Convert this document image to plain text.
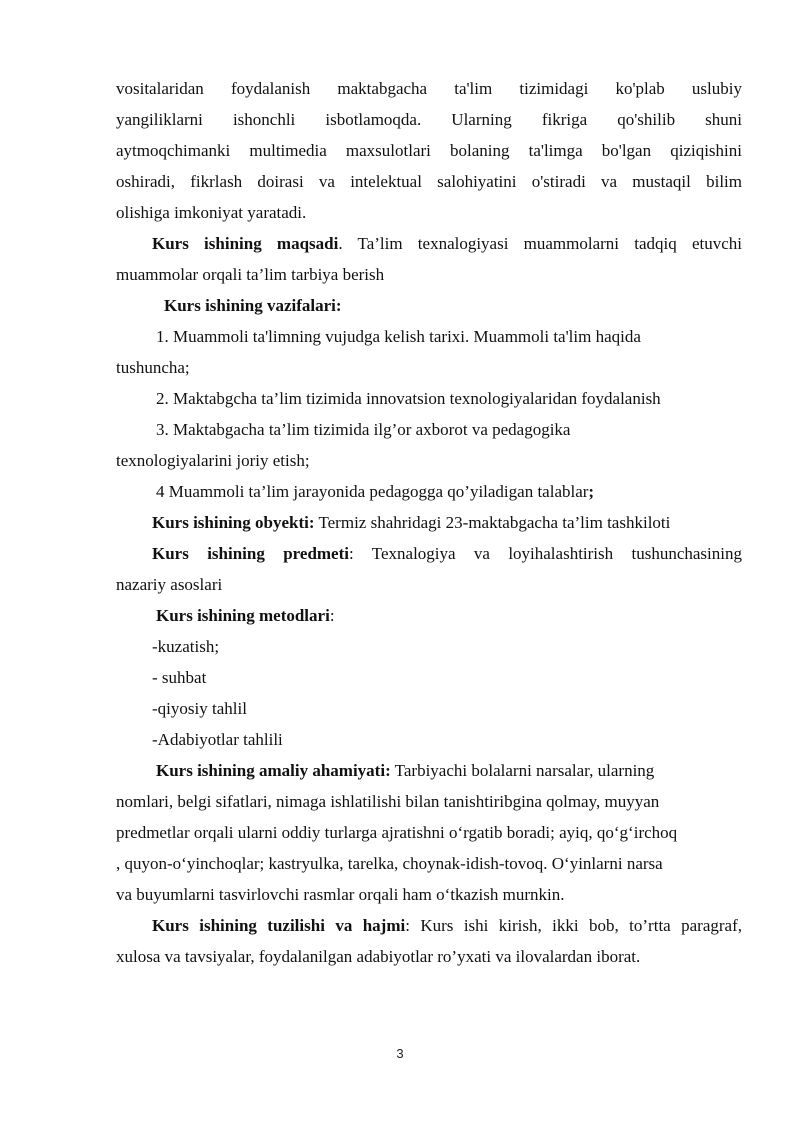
vositalaridan foydalanish maktabgacha ta'lim tizimidagi ko'plab uslubiy
yangiliklarni ishonchli isbotlamoqda. Ularning fikriga qo'shilib shuni
aytmoqchimanki multimedia maxsulotlari bolaning ta'limga bo'lgan qiziqishini
oshiradi, fikrlash doirasi va intelektual salohiyatini o'stiradi va mustaqil bilim
olishiga imkoniyat yaratadi.
Kurs ishining maqsadi. Ta’lim texnalogiyasi muammolarni tadqiq etuvchi
muammolar orqali ta’lim tarbiya berish
Kurs ishining vazifalari:
1. Muammoli ta'limning vujudga kelish tarixi. Muammoli ta'lim haqida
tushuncha;
2. Maktabgcha ta’lim tizimida innovatsion texnologiyalaridan foydalanish
3. Maktabgacha ta’lim tizimida ilg’or axborot va pedagogika
texnologiyalarini joriy etish;
4 Muammoli ta’lim jarayonida pedagogga qo’yiladigan talablar;
Kurs ishining obyekti: Termiz shahridagi 23-maktabgacha ta’lim tashkiloti
Kurs ishining predmeti: Texnalogiya va loyihalashtirish tushunchasining
nazariy asoslari
Kurs ishining metodlari:
-kuzatish;
- suhbat
-qiyosiy tahlil
-Adabiyotlar tahlili
Kurs ishining amaliy ahamiyati: Tarbiyachi bolalarni narsalar, ularning
nomlari, belgi sifatlari, nimaga ishlatilishi bilan tanishtiribgina qolmay, muyyan
predmetlar orqali ularni oddiy turlarga ajratishni o‘rgatib boradi; ayiq, qo‘g‘irchoq
, quyon-o‘yinchoqlar; kastryulka, tarelka, choynak-idish-tovoq. O‘yinlarni narsa
va buyumlarni tasvirlovchi rasmlar orqali ham o‘tkazish murnkin.
Kurs ishining tuzilishi va hajmi: Kurs ishi kirish, ikki bob, to’rtta paragraf,
xulosa va tavsiyalar, foydalanilgan adabiyotlar ro’yxati va ilovalardan iborat.
3
